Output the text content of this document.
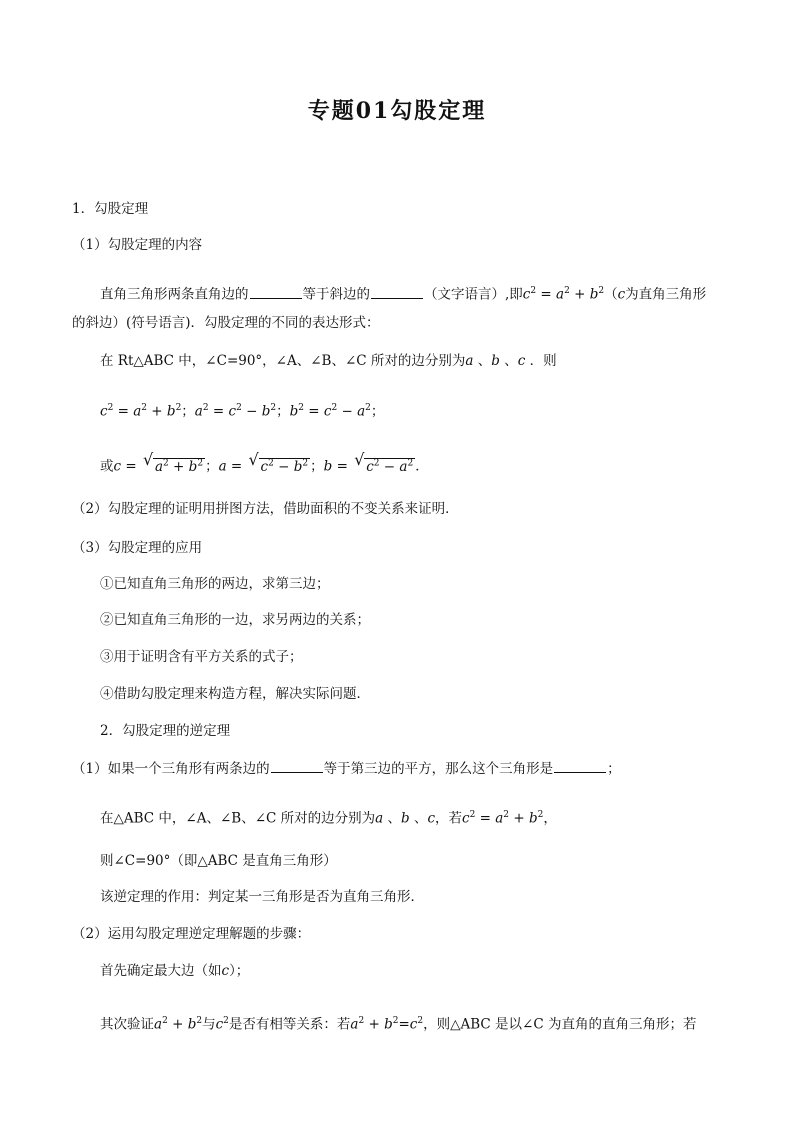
专题01勾股定理
1．勾股定理
（1）勾股定理的内容
直角三角形两条直角边的	等于斜边的	（文字语言）,即$c^2 = a^2 + b^2(c$为直角三角形
的斜边）(符号语言)．勾股定理的不同的表达形式：
在 Rt△ABC 中，∠C=90°，∠A、∠B、∠C 所对的边分别为a 、b 、c ．则
$c^2 = a^2 + b^2$；$a^2 = c^2 - b^2$；$b^2 = c^2 - a^2$；
或c = √ $a^2 + b^2$ ；a = √ $c^2 - b^2$ ；b = √ $c^2 - a^2$ ．
（2）勾股定理的证明用拼图方法，借助面积的不变关系来证明．
（3）勾股定理的应用
①已知直角三角形的两边，求第三边；
②已知直角三角形的一边，求另两边的关系；
③用于证明含有平方关系的式子；
④借助勾股定理来构造方程，解决实际问题．
2．勾股定理的逆定理
（1）如果一个三角形有两条边的	等于第三边的平方，那么这个三角形是	；
在△ABC 中，∠A、∠B、∠C 所对的边分别为a 、b 、c，若$c^2 = a^2 + b^2$，
则∠C=90°（即△ABC 是直角三角形）
该逆定理的作用：判定某一三角形是否为直角三角形．
（2）运用勾股定理逆定理解题的步骤：
首先确定最大边（如c）；
其次验证$a^2 + b^2$与$c^2$是否有相等关系：若$a^2 + b^2=c^2$，则△ABC 是以∠C 为直角的直角三角形；若
